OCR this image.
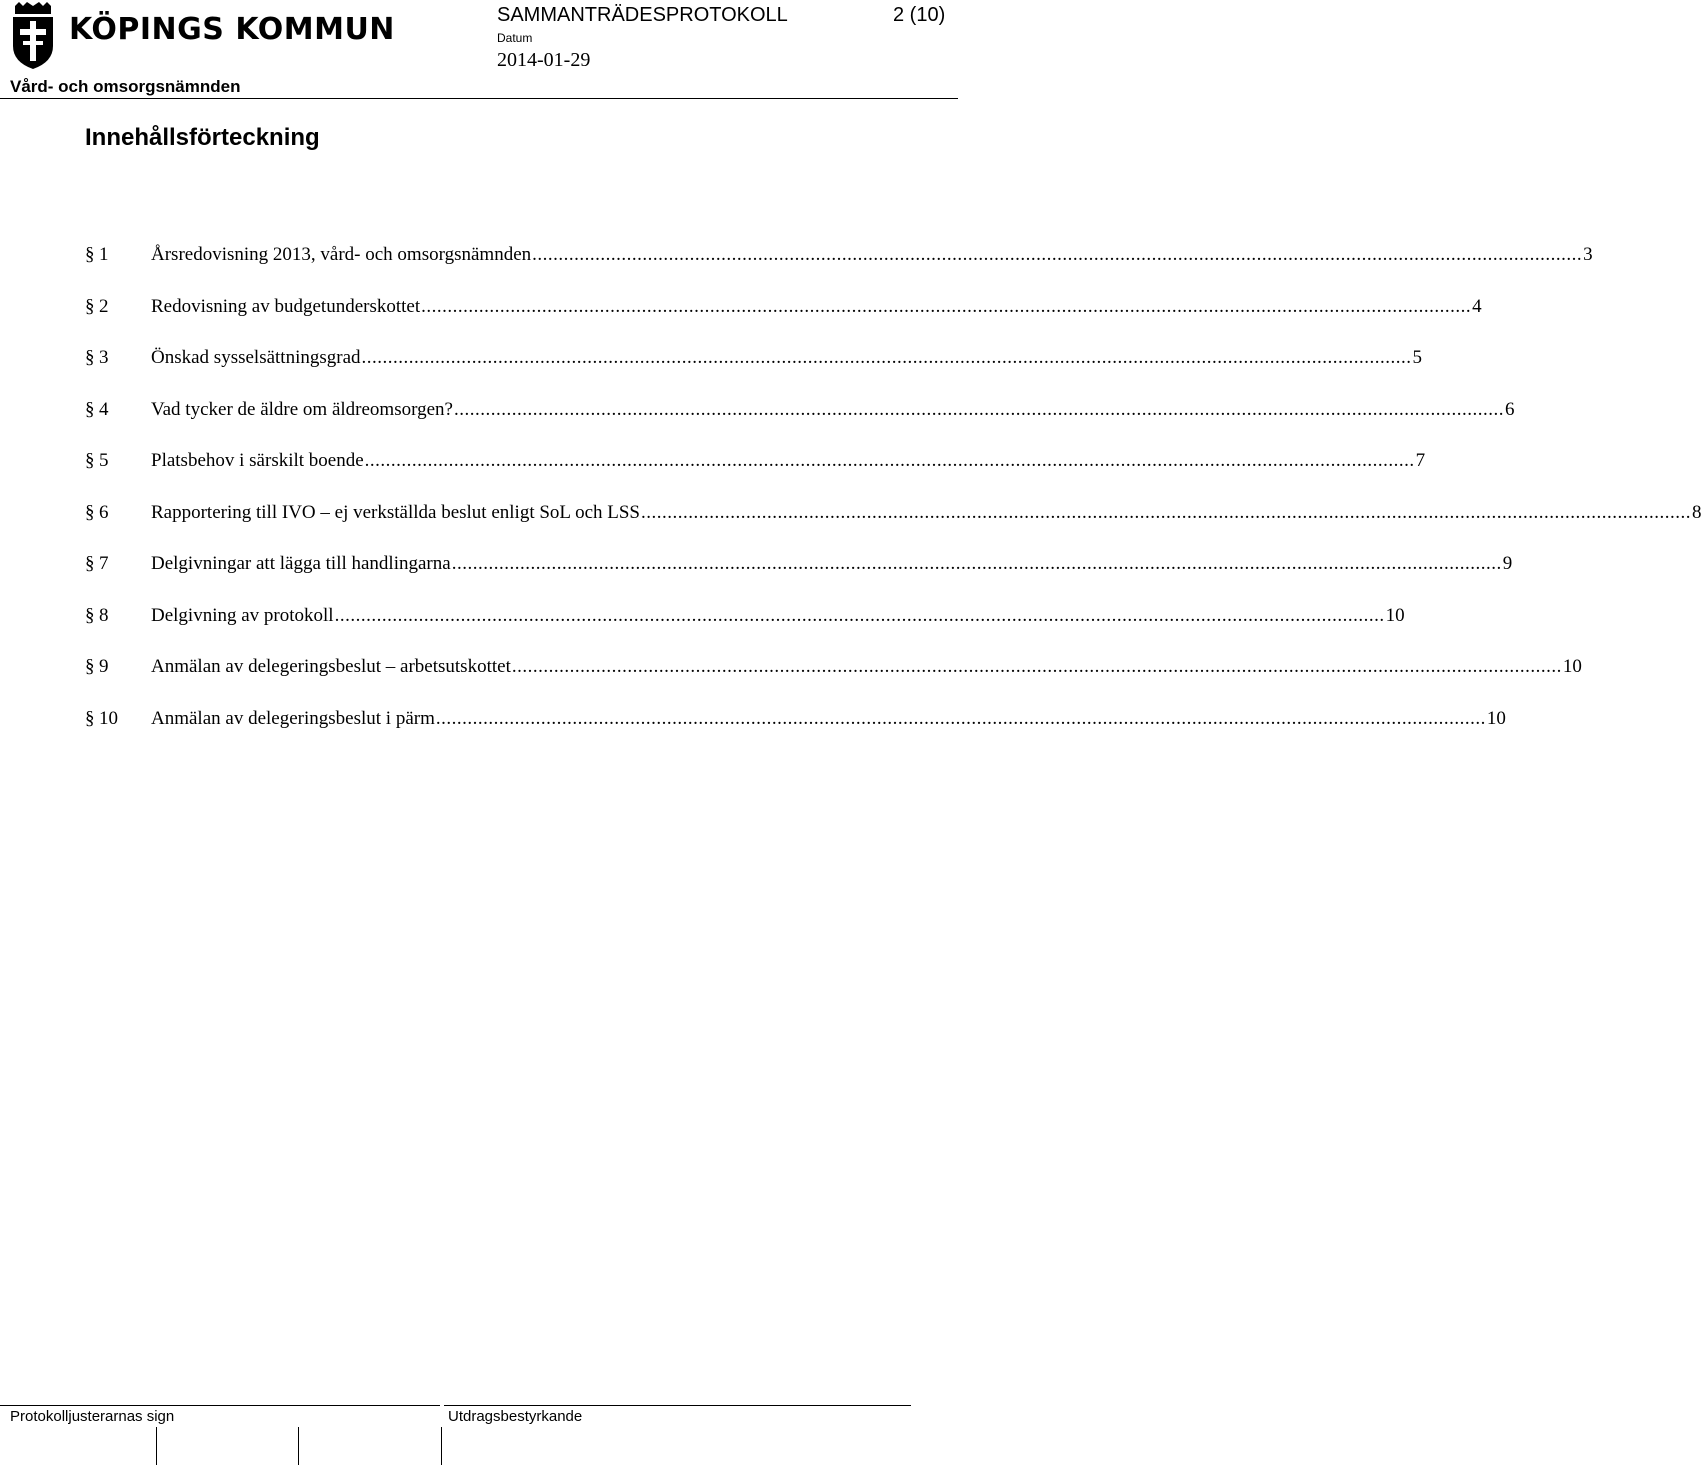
KÖPINGS KOMMUN
Vård- och omsorgsnämnden
SAMMANTRÄDESPROTOKOLL	2 (10)
Datum
2014-01-29
Innehållsförteckning
§ 1	Årsredovisning 2013, vård- och omsorgsnämnden ........................................................................................................................................................................................................ 3
§ 2	Redovisning av budgetunderskottet ........................................................................................................................................................................................................ 4
§ 3	Önskad sysselsättningsgrad ........................................................................................................................................................................................................ 5
§ 4	Vad tycker de äldre om äldreomsorgen? ........................................................................................................................................................................................................ 6
§ 5	Platsbehov i särskilt boende ........................................................................................................................................................................................................ 7
§ 6	Rapportering till IVO – ej verkställda beslut enligt SoL och LSS ........................................................................................................................................................................................................ 8
§ 7	Delgivningar att lägga till handlingarna ........................................................................................................................................................................................................ 9
§ 8	Delgivning av protokoll ........................................................................................................................................................................................................ 10
§ 9	Anmälan av delegeringsbeslut – arbetsutskottet ........................................................................................................................................................................................................ 10
§ 10	Anmälan av delegeringsbeslut i pärm ........................................................................................................................................................................................................ 10
Protokolljusterarnas sign	Utdragsbestyrkande
